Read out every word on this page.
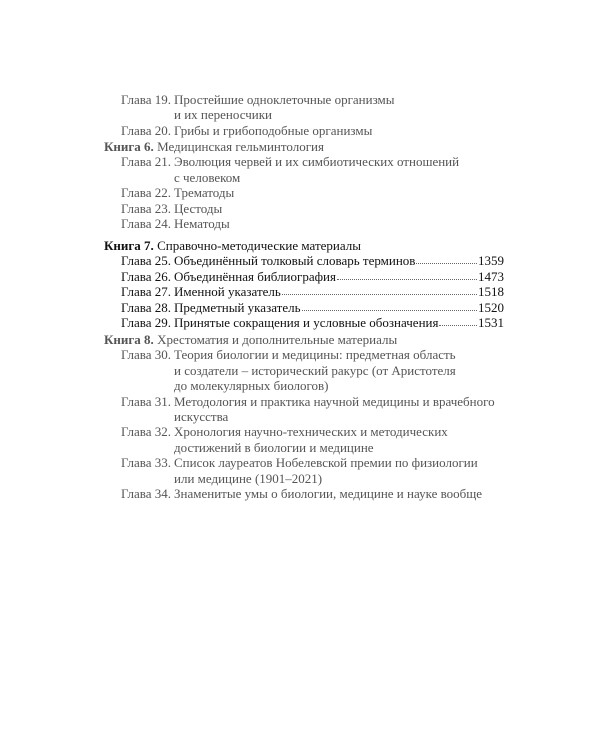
Глава 19. Простейшие одноклеточные организмы
и их переносчики
Глава 20. Грибы и грибоподобные организмы
Книга 6. Медицинская гельминтология
Глава 21. Эволюция червей и их симбиотических отношений
с человеком
Глава 22. Трематоды
Глава 23. Цестоды
Глава 24. Нематоды
Книга 7. Справочно-методические материалы
Глава 25. Объединённый толковый словарь терминов	1359
Глава 26. Объединённая библиография	1473
Глава 27. Именной указатель	1518
Глава 28. Предметный указатель	1520
Глава 29. Принятые сокращения и условные обозначения	1531
Книга 8. Хрестоматия и дополнительные материалы
Глава 30. Теория биологии и медицины: предметная область
и создатели – исторический ракурс (от Аристотеля
до молекулярных биологов)
Глава 31. Методология и практика научной медицины и врачебного
искусства
Глава 32. Хронология научно-технических и методических
достижений в биологии и медицине
Глава 33. Список лауреатов Нобелевской премии по физиологии
или медицине (1901–2021)
Глава 34. Знаменитые умы о биологии, медицине и науке вообще
